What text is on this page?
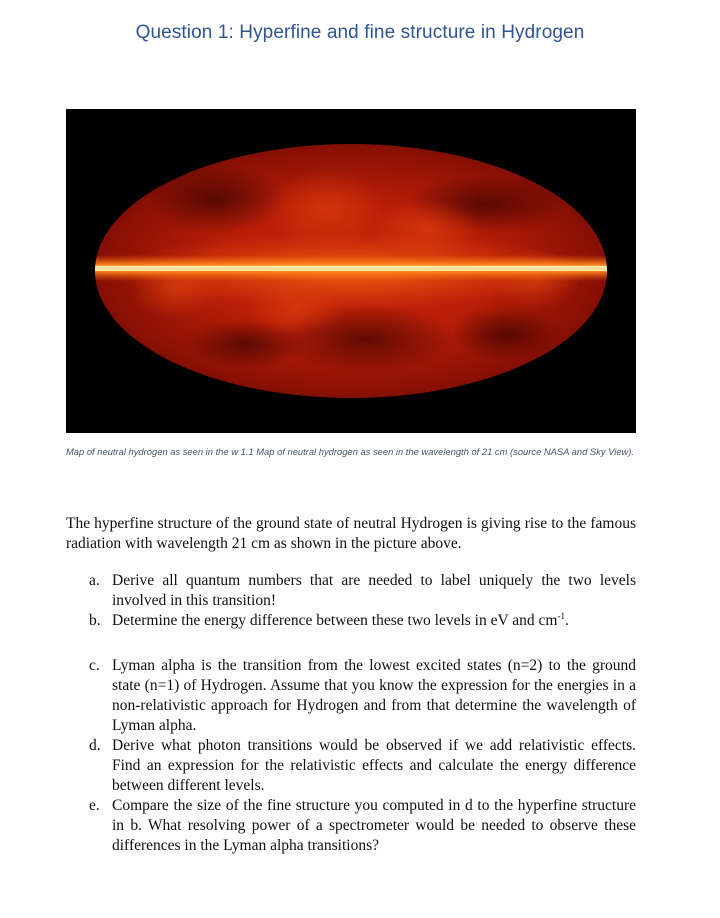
Question 1: Hyperfine and fine structure in Hydrogen
Map of neutral hydrogen as seen in the w 1.1 Map of neutral hydrogen as seen in the wavelength of 21 cm (source NASA and Sky View).

The hyperfine structure of the ground state of neutral Hydrogen is giving rise to the famous radiation with wavelength 21 cm as shown in the picture above.

a. Derive all quantum numbers that are needed to label uniquely the two levels involved in this transition!
b. Determine the energy difference between these two levels in eV and $cm^{-1}$.
c. Lyman alpha is the transition from the lowest excited states (n=2) to the ground state (n=1) of Hydrogen. Assume that you know the expression for the energies in a non-relativistic approach for Hydrogen and from that determine the wavelength of Lyman alpha.
d. Derive what photon transitions would be observed if we add relativistic effects. Find an expression for the relativistic effects and calculate the energy difference between different levels.
e. Compare the size of the fine structure you computed in d to the hyperfine structure in b. What resolving power of a spectrometer would be needed to observe these differences in the Lyman alpha transitions?
